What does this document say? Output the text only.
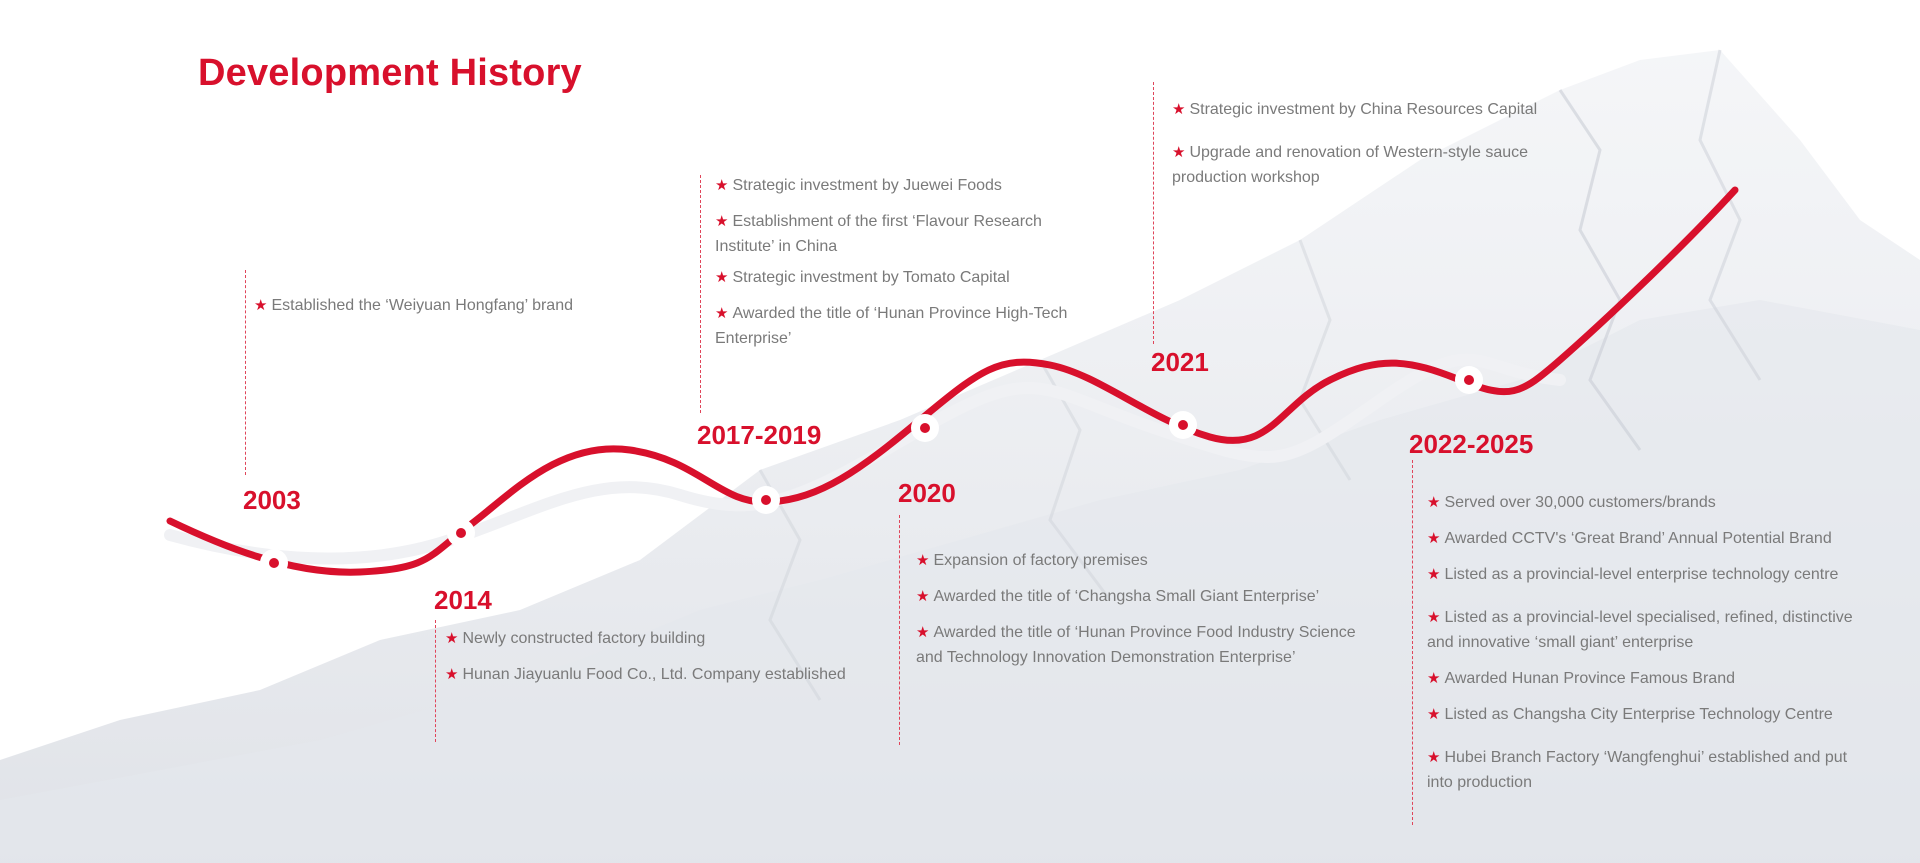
Development History
★ Established the ‘Weiyuan Hongfang’ brand
2003
2014
★ Newly constructed factory building
★ Hunan Jiayuanlu Food Co., Ltd. Company established
★ Strategic investment by Juewei Foods
★ Establishment of the first ‘Flavour Research Institute’ in China
★ Strategic investment by Tomato Capital
★ Awarded the title of ‘Hunan Province High-Tech Enterprise’
2017-2019
2020
★ Expansion of factory premises
★ Awarded the title of ‘Changsha Small Giant Enterprise’
★ Awarded the title of ‘Hunan Province Food Industry Science and Technology Innovation Demonstration Enterprise’
★ Strategic investment by China Resources Capital
★ Upgrade and renovation of Western-style sauce production workshop
2021
2022-2025
★ Served over 30,000 customers/brands
★ Awarded CCTV's ‘Great Brand’ Annual Potential Brand
★ Listed as a provincial-level enterprise technology centre
★ Listed as a provincial-level specialised, refined, distinctive and innovative ‘small giant’ enterprise
★ Awarded Hunan Province Famous Brand
★ Listed as Changsha City Enterprise Technology Centre
★ Hubei Branch Factory ‘Wangfenghui’ established and put into production
